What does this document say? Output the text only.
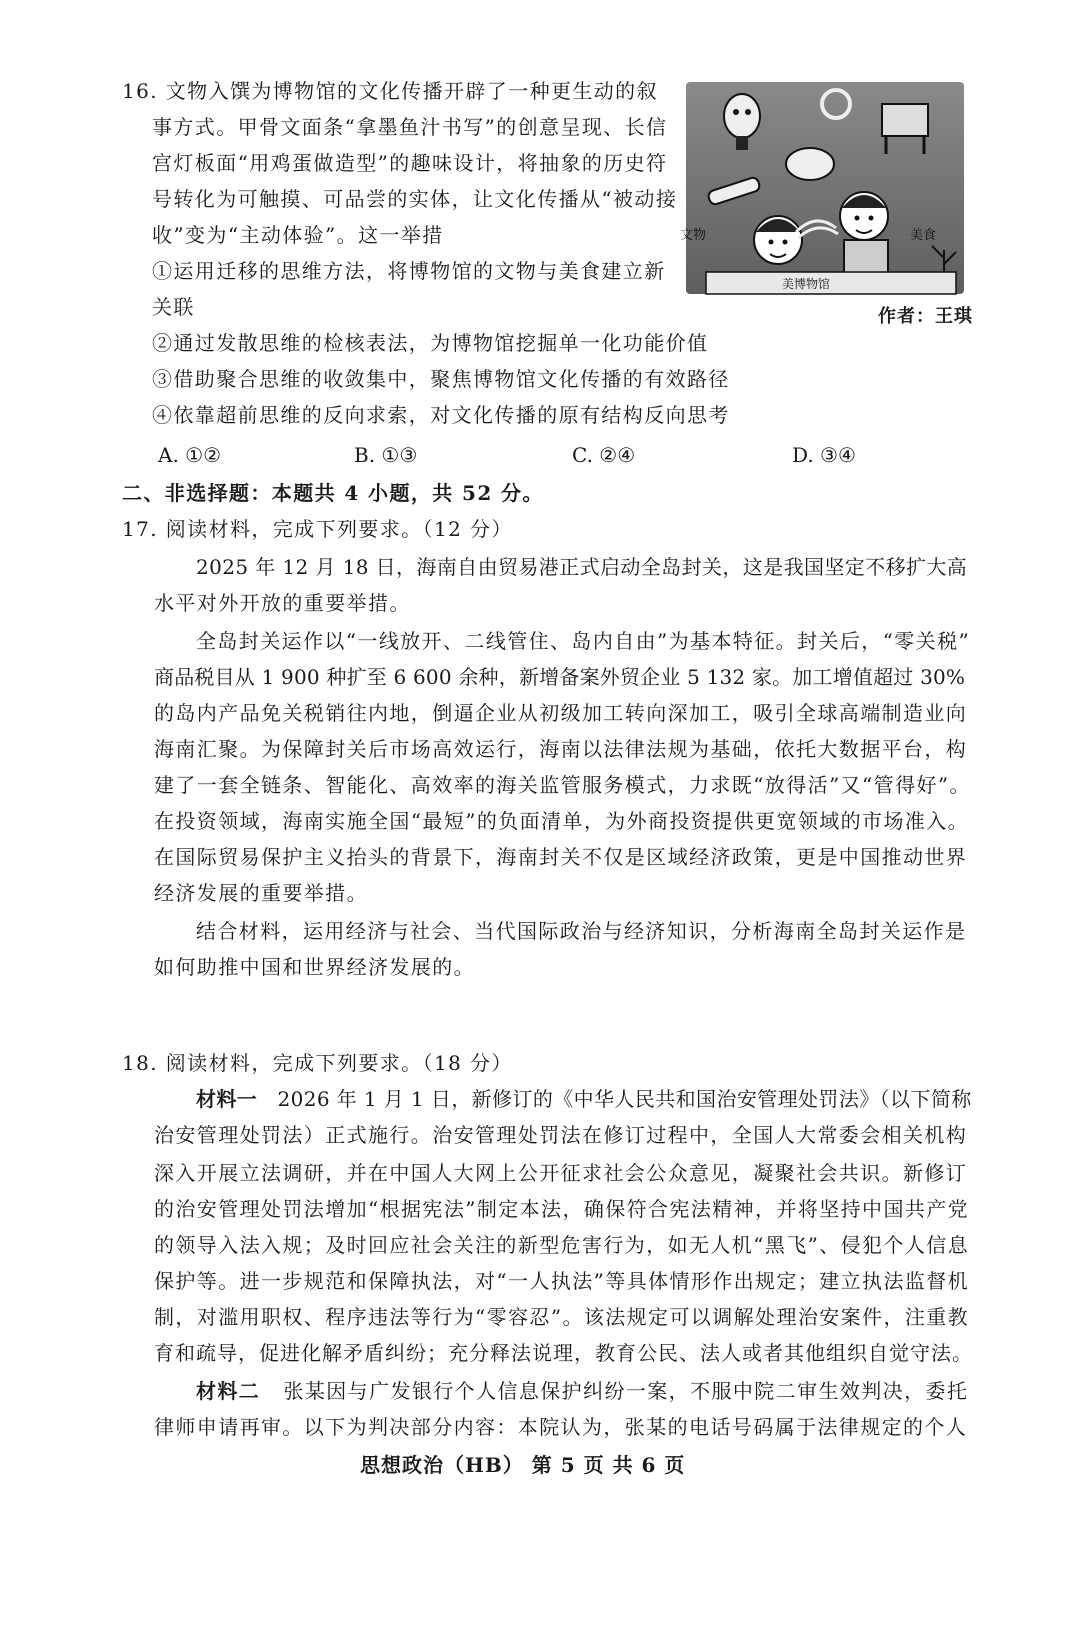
16. 文物入馔为博物馆的文化传播开辟了一种更生动的叙
事方式。甲骨文面条“拿墨鱼汁书写”的创意呈现、长信
宫灯板面“用鸡蛋做造型”的趣味设计，将抽象的历史符
号转化为可触摸、可品尝的实体，让文化传播从“被动接
收”变为“主动体验”。这一举措
①运用迁移的思维方法，将博物馆的文物与美食建立新
关联
②通过发散思维的检核表法，为博物馆挖掘单一化功能价值
③借助聚合思维的收敛集中，聚焦博物馆文化传播的有效路径
④依靠超前思维的反向求索，对文化传播的原有结构反向思考
A. ①②	B. ①③	C. ②④	D. ③④
文物	美食
美博物馆
作者：王琪
二、非选择题：本题共 4 小题，共 52 分。
17. 阅读材料，完成下列要求。（12 分）
2025 年 12 月 18 日，海南自由贸易港正式启动全岛封关，这是我国坚定不移扩大高
水平对外开放的重要举措。
全岛封关运作以“一线放开、二线管住、岛内自由”为基本特征。封关后，“零关税”
商品税目从 1 900 种扩至 6 600 余种，新增备案外贸企业 5 132 家。加工增值超过 30%
的岛内产品免关税销往内地，倒逼企业从初级加工转向深加工，吸引全球高端制造业向
海南汇聚。为保障封关后市场高效运行，海南以法律法规为基础，依托大数据平台，构
建了一套全链条、智能化、高效率的海关监管服务模式，力求既“放得活”又“管得好”。
在投资领域，海南实施全国“最短”的负面清单，为外商投资提供更宽领域的市场准入。
在国际贸易保护主义抬头的背景下，海南封关不仅是区域经济政策，更是中国推动世界
经济发展的重要举措。
结合材料，运用经济与社会、当代国际政治与经济知识，分析海南全岛封关运作是
如何助推中国和世界经济发展的。
18. 阅读材料，完成下列要求。（18 分）
材料一 2026 年 1 月 1 日，新修订的《中华人民共和国治安管理处罚法》（以下简称
治安管理处罚法）正式施行。治安管理处罚法在修订过程中，全国人大常委会相关机构
深入开展立法调研，并在中国人大网上公开征求社会公众意见，凝聚社会共识。新修订
的治安管理处罚法增加“根据宪法”制定本法，确保符合宪法精神，并将坚持中国共产党
的领导入法入规；及时回应社会关注的新型危害行为，如无人机“黑飞”、侵犯个人信息
保护等。进一步规范和保障执法，对“一人执法”等具体情形作出规定；建立执法监督机
制，对滥用职权、程序违法等行为“零容忍”。该法规定可以调解处理治安案件，注重教
育和疏导，促进化解矛盾纠纷；充分释法说理，教育公民、法人或者其他组织自觉守法。
材料二 张某因与广发银行个人信息保护纠纷一案，不服中院二审生效判决，委托
律师申请再审。以下为判决部分内容：本院认为，张某的电话号码属于法律规定的个人
思想政治（HB） 第 5 页 共 6 页
